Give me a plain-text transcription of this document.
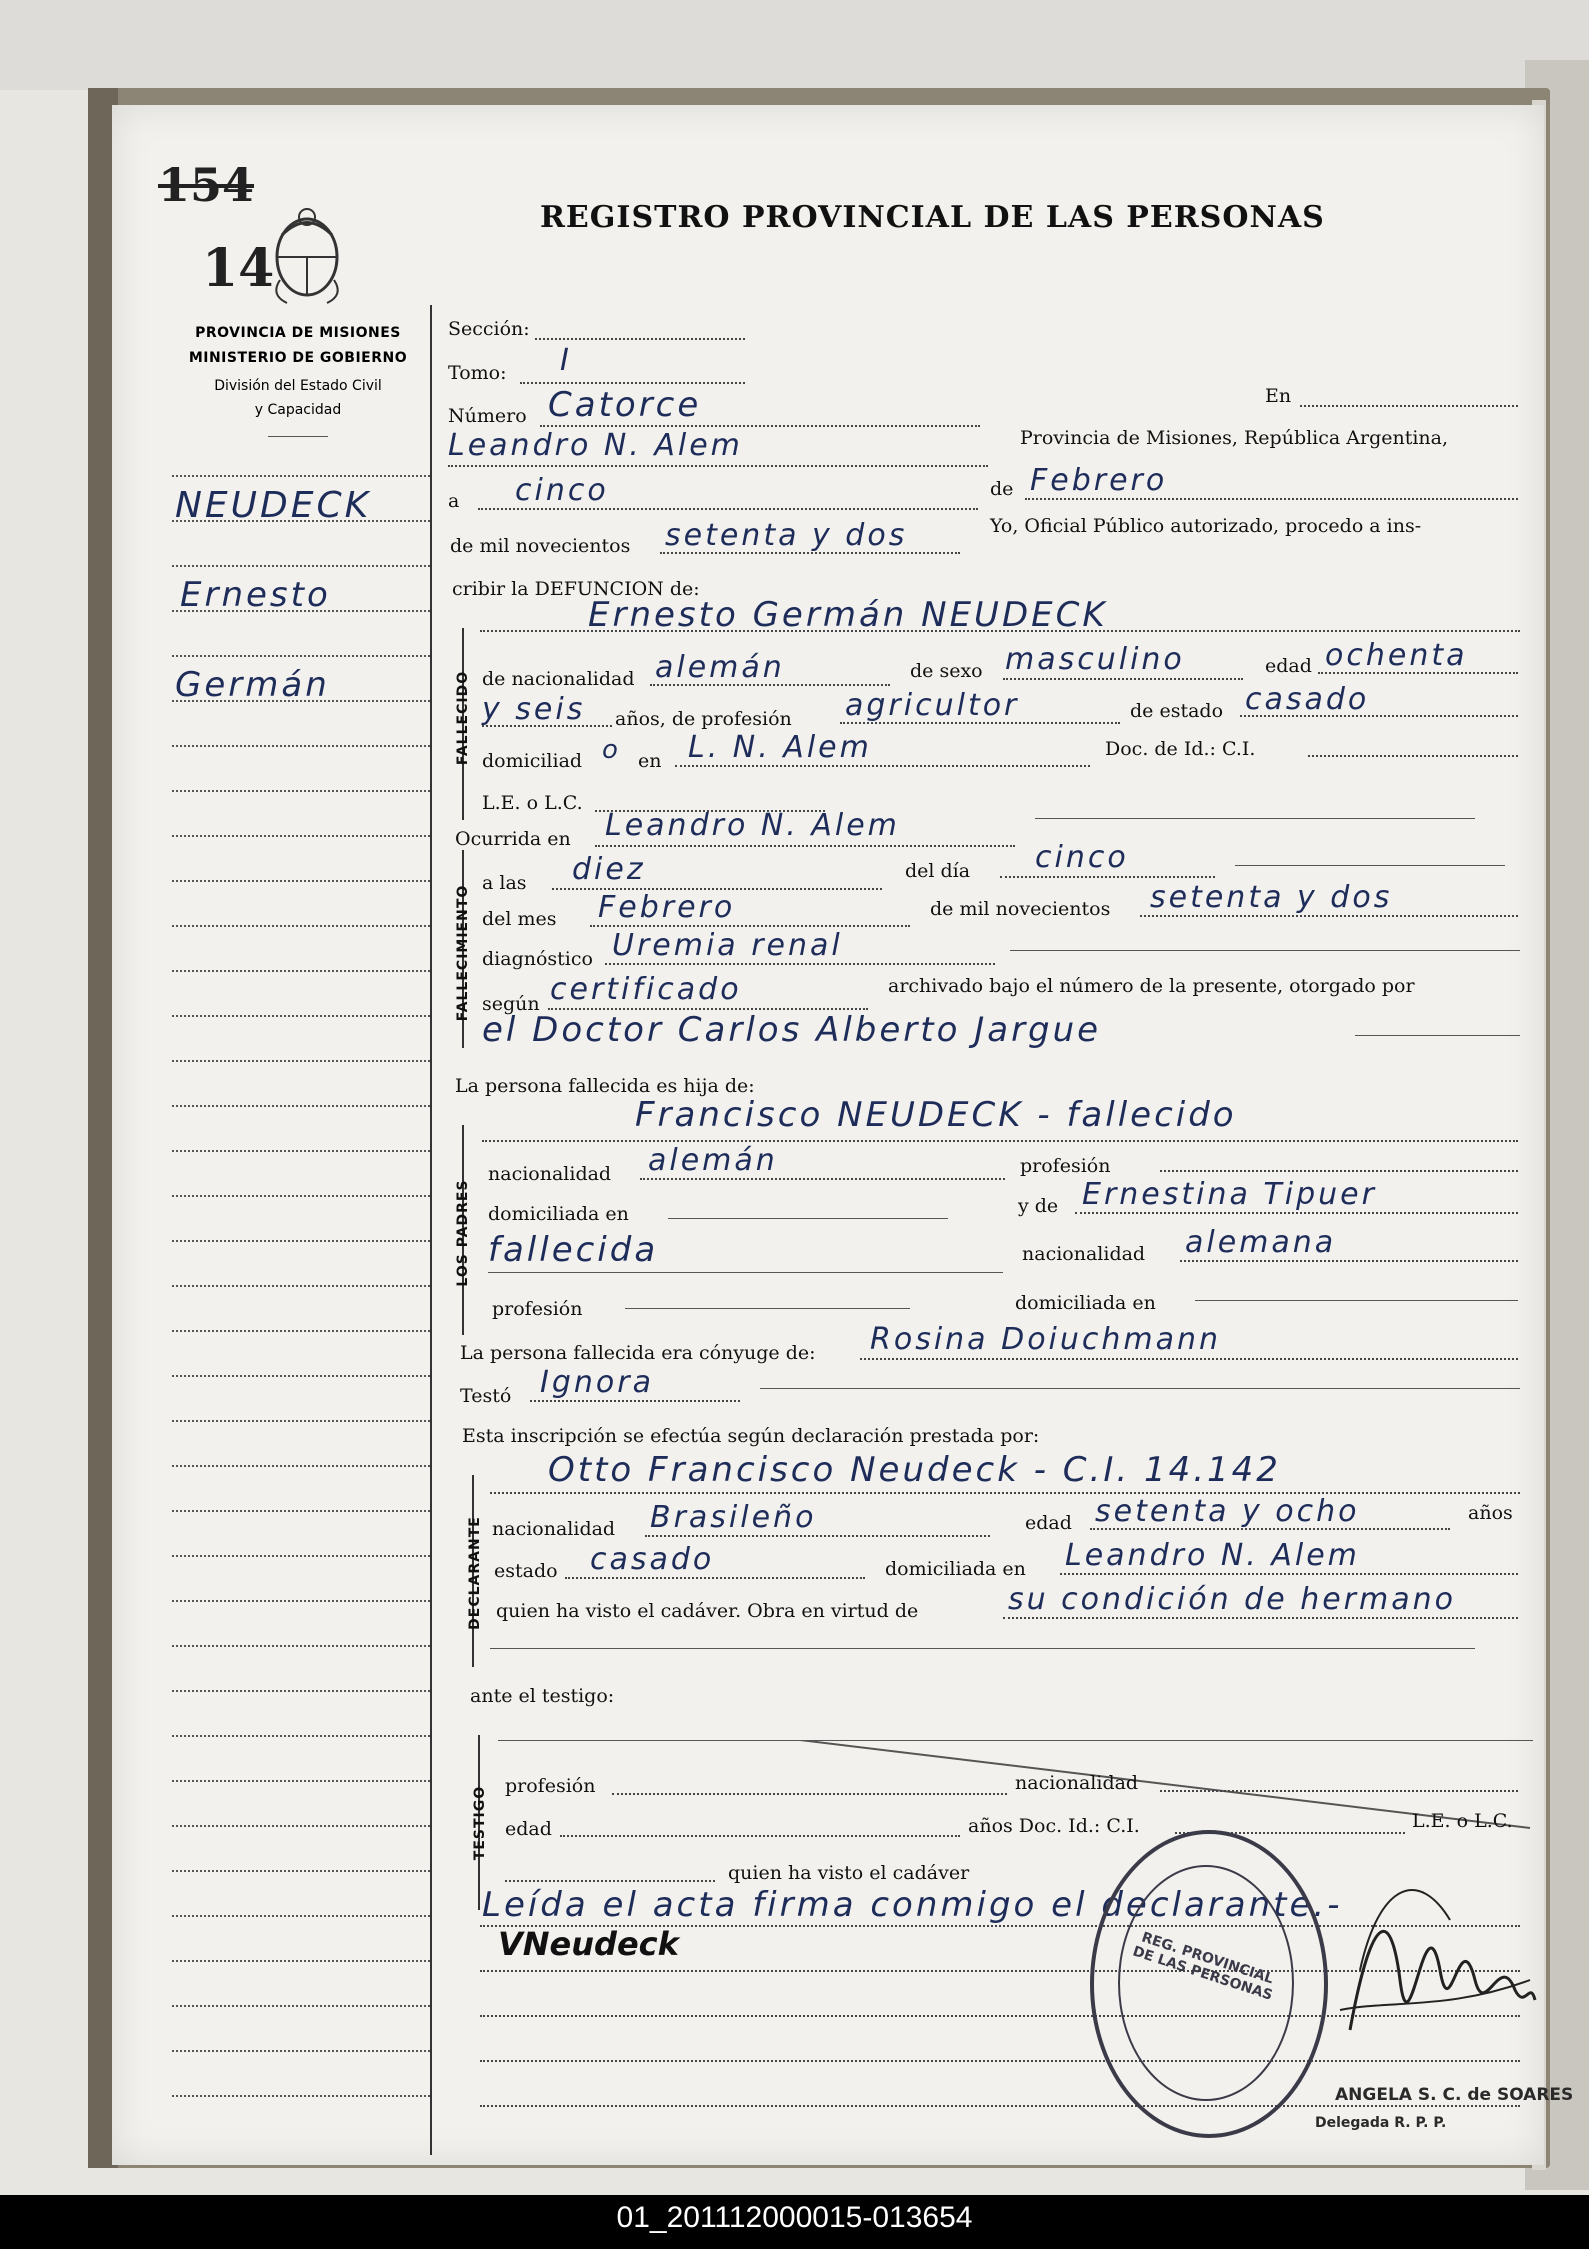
154
14
REGISTRO PROVINCIAL DE LAS PERSONAS
PROVINCIA DE MISIONES
MINISTERIO DE GOBIERNO
División del Estado Civil
y Capacidad
NEUDECK
Ernesto
Germán
Sección:
Tomo: I
Número Catorce	En
Leandro N. Alem	Provincia de Misiones, República Argentina,
a cinco	de Febrero
de mil novecientos setenta y dos	Yo, Oficial Público autorizado, procedo a ins-
cribir la DEFUNCION de:
FALLECIDO
Ernesto Germán NEUDECK
de nacionalidad alemán	de sexo masculino	edad ochenta
y seis años, de profesión agricultor	de estado casado
domiciliad o en L. N. Alem	Doc. de Id.: C.I.
L.E. o L.C.
Ocurrida en Leandro N. Alem
FALLECIMIENTO
a las diez	del día cinco
del mes Febrero	de mil novecientos setenta y dos
diagnóstico Uremia renal
según certificado	archivado bajo el número de la presente, otorgado por
el Doctor Carlos Alberto Jargue
La persona fallecida es hija de:
LOS PADRES
Francisco NEUDECK - fallecido
nacionalidad alemán	profesión
domiciliada en	y de Ernestina Tipuer
fallecida	nacionalidad alemana
profesión	domiciliada en
La persona fallecida era cónyuge de: Rosina Doiuchmann
Testó Ignora
Esta inscripción se efectúa según declaración prestada por:
DECLARANTE
Otto Francisco Neudeck - C.I. 14.142
nacionalidad Brasileño	edad setenta y ocho	años
estado casado	domiciliada en Leandro N. Alem
quien ha visto el cadáver. Obra en virtud de	su condición de hermano
ante el testigo:
TESTIGO profesión	nacionalidad
edad	años Doc. Id.: C.I.	L.E. o L.C.
quien ha visto el cadáver
Leída el acta firma conmigo el declarante.-
VNeudeck	REG. PROVINCIAL DE LAS PERSONAS
ANGELA S. C. de SOARES
Delegada R. P. P.
01_201112000015-013654
